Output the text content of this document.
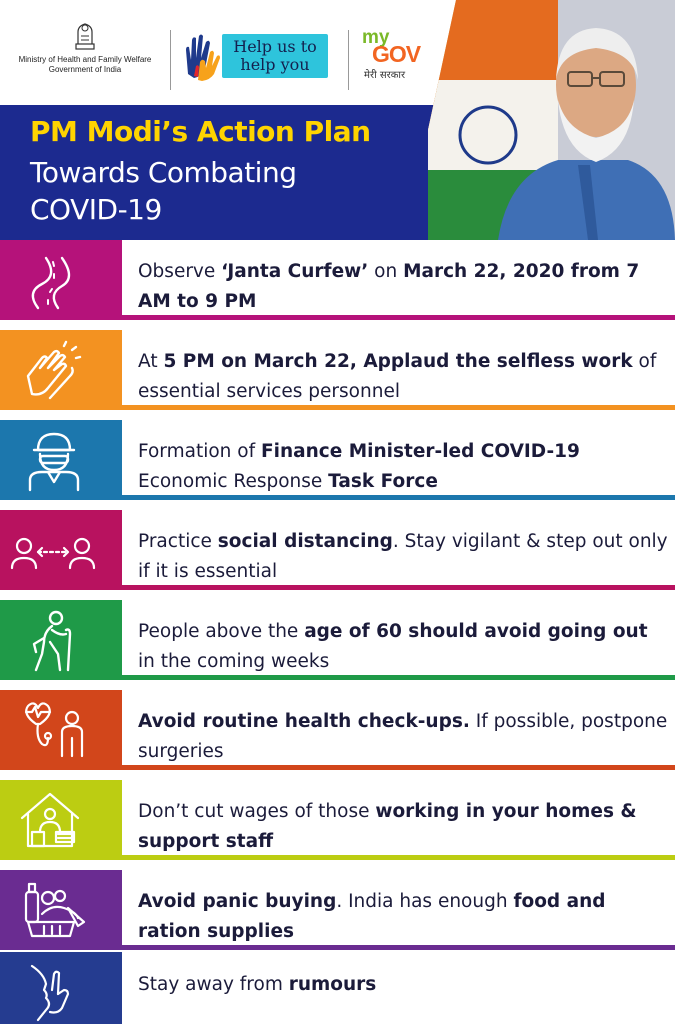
Ministry of Health and Family Welfare
Government of India
Help us to
help you
my
GOV
मेरी सरकार
PM Modi’s Action Plan
Towards Combating
COVID-19
Observe ‘Janta Curfew’ on March 22, 2020 from 7 AM to 9 PM
At 5 PM on March 22, Applaud the selfless work of essential services personnel
Formation of Finance Minister-led COVID-19 Economic Response Task Force
Practice social distancing. Stay vigilant & step out only if it is essential
People above the age of 60 should avoid going out in the coming weeks
Avoid routine health check-ups. If possible, postpone surgeries
Don’t cut wages of those working in your homes & support staff
Avoid panic buying. India has enough food and ration supplies
Stay away from rumours
